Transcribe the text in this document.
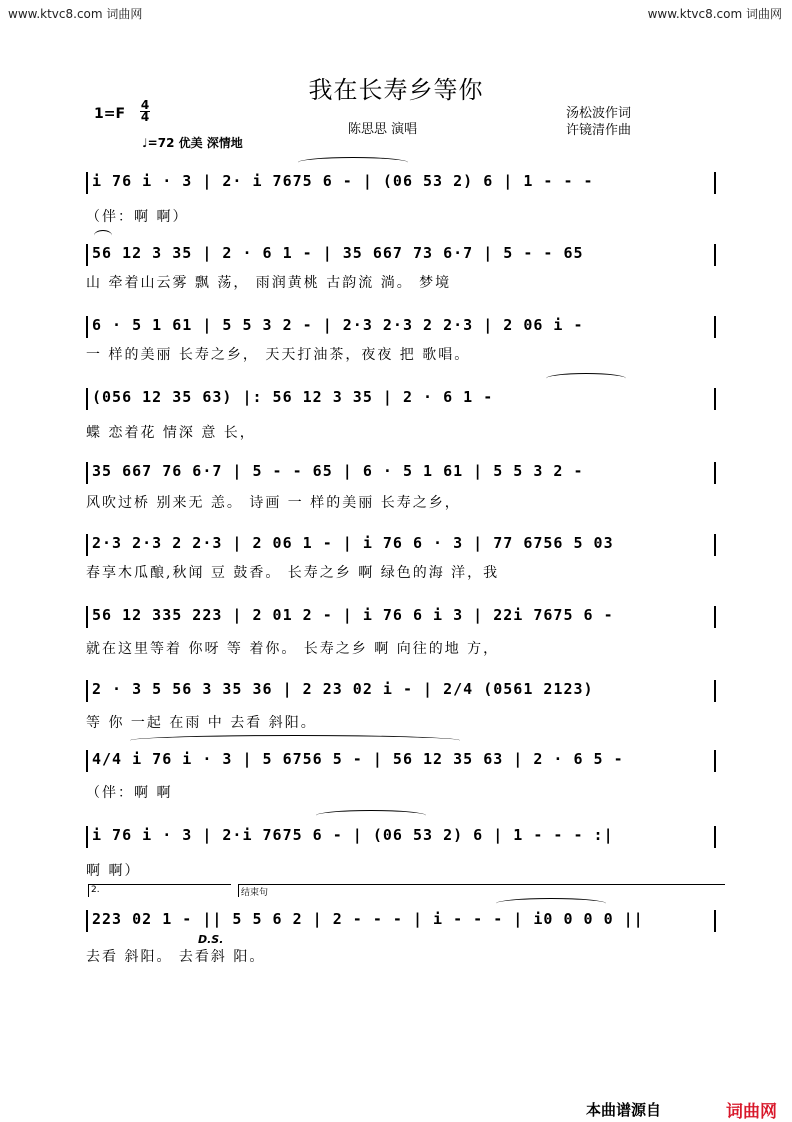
www.ktvc8.com 词曲网	www.ktvc8.com 词曲网
我在长寿乡等你
陈思思 演唱
汤松波作词
许镜清作曲
1=F
4
4
♩=72 优美 深情地
i 76 i · 3 | 2· i 7675 6 - | (06 53 2) 6 | 1 - - -
（伴：啊 啊）
56 12 3 35 | 2 · 6 1 - | 35 667 73 6·7 | 5 - - 65
山 牵着山云雾 飘 荡， 雨润黄桃 古韵流 淌。 梦境
6 · 5 1 61 | 5 5 3 2 - | 2·3 2·3 2 2·3 | 2 06 i -
一 样的美丽 长寿之乡， 天天打油茶，夜夜 把 歌唱。
(056 12 35 63) |: 56 12 3 35 | 2 · 6 1 -
蝶 恋着花 情深 意 长，
35 667 76 6·7 | 5 - - 65 | 6 · 5 1 61 | 5 5 3 2 -
风吹过桥 别来无 恙。 诗画 一 样的美丽 长寿之乡，
2·3 2·3 2 2·3 | 2 06 1 - | i 76 6 · 3 | 77 6756 5 03
春享木瓜酿,秋闻 豆 鼓香。 长寿之乡 啊 绿色的海 洋，我
56 12 335 223 | 2 01 2 - | i 76 6 i 3 | 22i 7675 6 -
就在这里等着 你呀 等 着你。 长寿之乡 啊 向往的地 方，
2 · 3 5 56 3 35 36 | 2 23 02 i - | 2/4 (0561 2123)
等 你 一起 在雨 中 去看 斜阳。
4/4 i 76 i · 3 | 5 6756 5 - | 56 12 35 63 | 2 · 6 5 -
（伴：啊 啊
i 76 i · 3 | 2·i 7675 6 - | (06 53 2) 6 | 1 - - - :|
啊 啊）
2.	结束句
223 02 1 - || 5 5 6 2 | 2 - - - | i - - - | i0 0 0 0 ||
D.S.
去看 斜阳。 去看斜 阳。
本曲谱源自	词曲网
